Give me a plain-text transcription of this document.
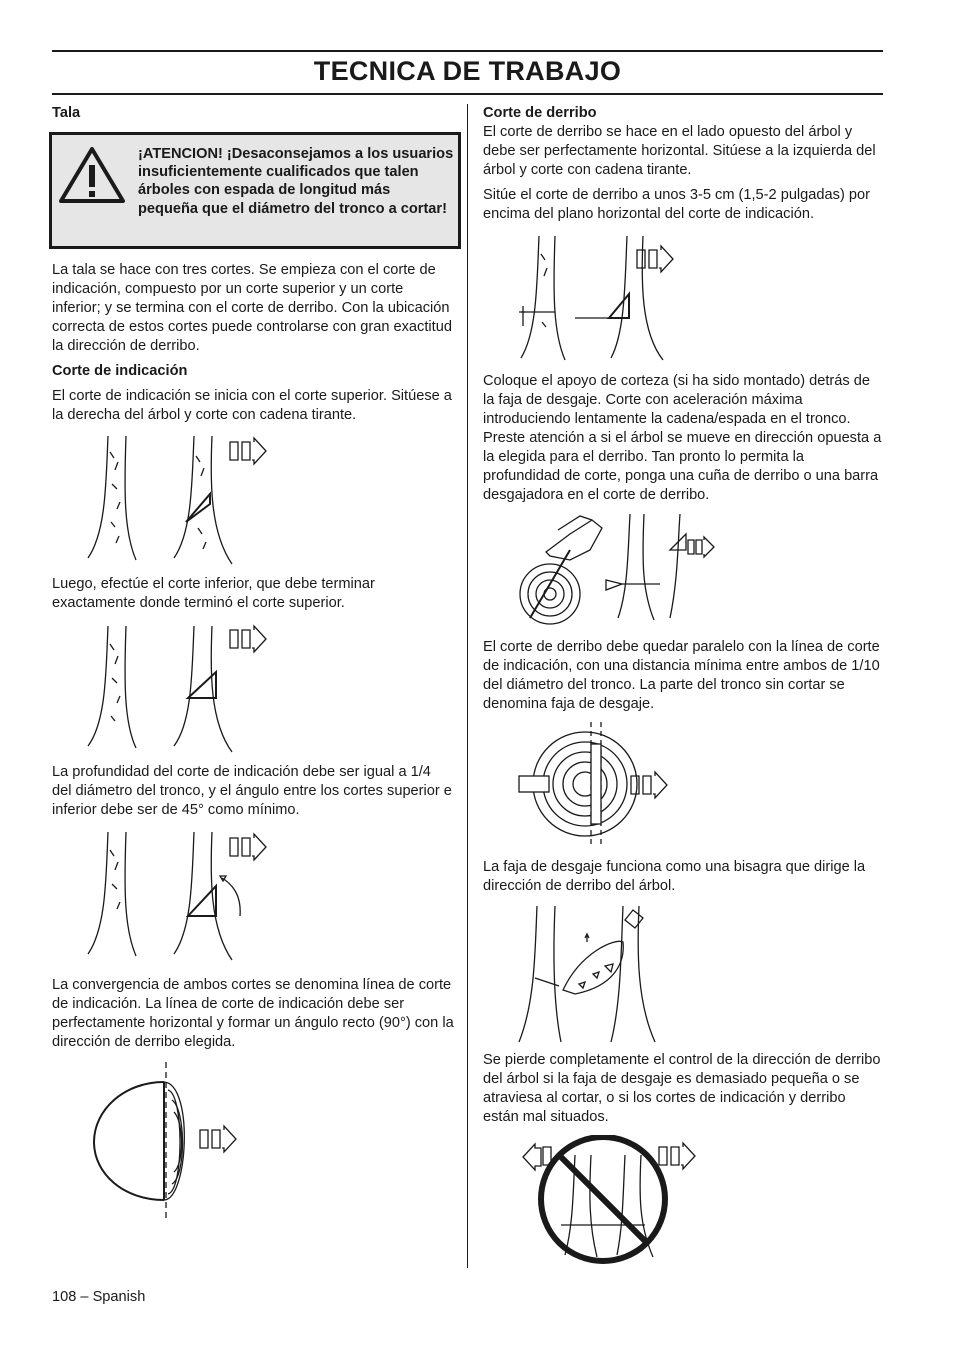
TECNICA DE TRABAJO

Tala

¡ATENCION! ¡Desaconsejamos a los usuarios insuficientemente cualificados que talen árboles con espada de longitud más pequeña que el diámetro del tronco a cortar!

La tala se hace con tres cortes. Se empieza con el corte de indicación, compuesto por un corte superior y un corte inferior; y se termina con el corte de derribo. Con la ubicación correcta de estos cortes puede controlarse con gran exactitud la dirección de derribo.

Corte de indicación

El corte de indicación se inicia con el corte superior. Sitúese a la derecha del árbol y corte con cadena tirante.

Luego, efectúe el corte inferior, que debe terminar exactamente donde terminó el corte superior.

La profundidad del corte de indicación debe ser igual a 1/4 del diámetro del tronco, y el ángulo entre los cortes superior e inferior debe ser de 45° como mínimo.

La convergencia de ambos cortes se denomina línea de corte de indicación. La línea de corte de indicación debe ser perfectamente horizontal y formar un ángulo recto (90°) con la dirección de derribo elegida.

Corte de derribo

El corte de derribo se hace en el lado opuesto del árbol y debe ser perfectamente horizontal. Sitúese a la izquierda del árbol y corte con cadena tirante.

Sitúe el corte de derribo a unos 3-5 cm (1,5-2 pulgadas) por encima del plano horizontal del corte de indicación.

Coloque el apoyo de corteza (si ha sido montado) detrás de la faja de desgaje. Corte con aceleración máxima introduciendo lentamente la cadena/espada en el tronco. Preste atención a si el árbol se mueve en dirección opuesta a la elegida para el derribo. Tan pronto lo permita la profundidad de corte, ponga una cuña de derribo o una barra desgajadora en el corte de derribo.

El corte de derribo debe quedar paralelo con la línea de corte de indicación, con una distancia mínima entre ambos de 1/10 del diámetro del tronco. La parte del tronco sin cortar se denomina faja de desgaje.

La faja de desgaje funciona como una bisagra que dirige la dirección de derribo del árbol.

Se pierde completamente el control de la dirección de derribo del árbol si la faja de desgaje es demasiado pequeña o se atraviesa al cortar, o si los cortes de indicación y derribo están mal situados.

108 – Spanish
